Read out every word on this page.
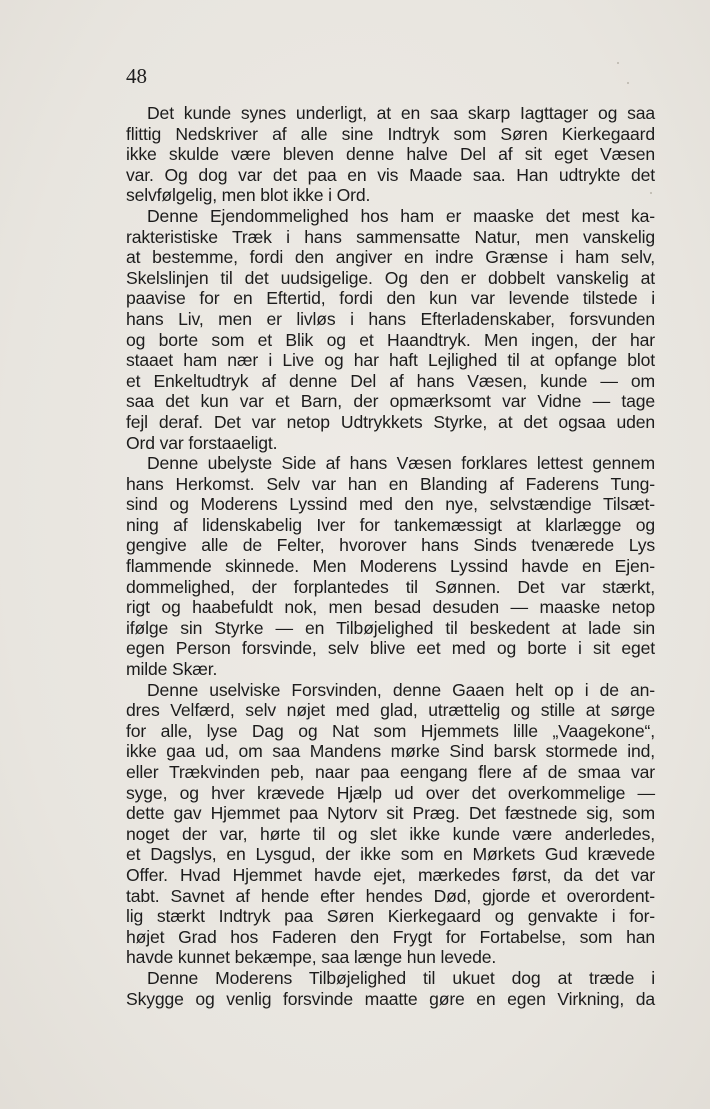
48
Det kunde synes underligt, at en saa skarp Iagttager og saa
flittig Nedskriver af alle sine Indtryk som Søren Kierkegaard
ikke skulde være bleven denne halve Del af sit eget Væsen
var. Og dog var det paa en vis Maade saa. Han udtrykte det
selvfølgelig, men blot ikke i Ord.
Denne Ejendommelighed hos ham er maaske det mest ka-
rakteristiske Træk i hans sammensatte Natur, men vanskelig
at bestemme, fordi den angiver en indre Grænse i ham selv,
Skelslinjen til det uudsigelige. Og den er dobbelt vanskelig at
paavise for en Eftertid, fordi den kun var levende tilstede i
hans Liv, men er livløs i hans Efterladenskaber, forsvunden
og borte som et Blik og et Haandtryk. Men ingen, der har
staaet ham nær i Live og har haft Lejlighed til at opfange blot
et Enkeltudtryk af denne Del af hans Væsen, kunde — om
saa det kun var et Barn, der opmærksomt var Vidne — tage
fejl deraf. Det var netop Udtrykkets Styrke, at det ogsaa uden
Ord var forstaaeligt.
Denne ubelyste Side af hans Væsen forklares lettest gennem
hans Herkomst. Selv var han en Blanding af Faderens Tung-
sind og Moderens Lyssind med den nye, selvstændige Tilsæt-
ning af lidenskabelig Iver for tankemæssigt at klarlægge og
gengive alle de Felter, hvorover hans Sinds tvenærede Lys
flammende skinnede. Men Moderens Lyssind havde en Ejen-
dommelighed, der forplantedes til Sønnen. Det var stærkt,
rigt og haabefuldt nok, men besad desuden — maaske netop
ifølge sin Styrke — en Tilbøjelighed til beskedent at lade sin
egen Person forsvinde, selv blive eet med og borte i sit eget
milde Skær.
Denne uselviske Forsvinden, denne Gaaen helt op i de an-
dres Velfærd, selv nøjet med glad, utrættelig og stille at sørge
for alle, lyse Dag og Nat som Hjemmets lille „Vaagekone“,
ikke gaa ud, om saa Mandens mørke Sind barsk stormede ind,
eller Trækvinden peb, naar paa eengang flere af de smaa var
syge, og hver krævede Hjælp ud over det overkommelige —
dette gav Hjemmet paa Nytorv sit Præg. Det fæstnede sig, som
noget der var, hørte til og slet ikke kunde være anderledes,
et Dagslys, en Lysgud, der ikke som en Mørkets Gud krævede
Offer. Hvad Hjemmet havde ejet, mærkedes først, da det var
tabt. Savnet af hende efter hendes Død, gjorde et overordent-
lig stærkt Indtryk paa Søren Kierkegaard og genvakte i for-
højet Grad hos Faderen den Frygt for Fortabelse, som han
havde kunnet bekæmpe, saa længe hun levede.
Denne Moderens Tilbøjelighed til ukuet dog at træde i
Skygge og venlig forsvinde maatte gøre en egen Virkning, da
